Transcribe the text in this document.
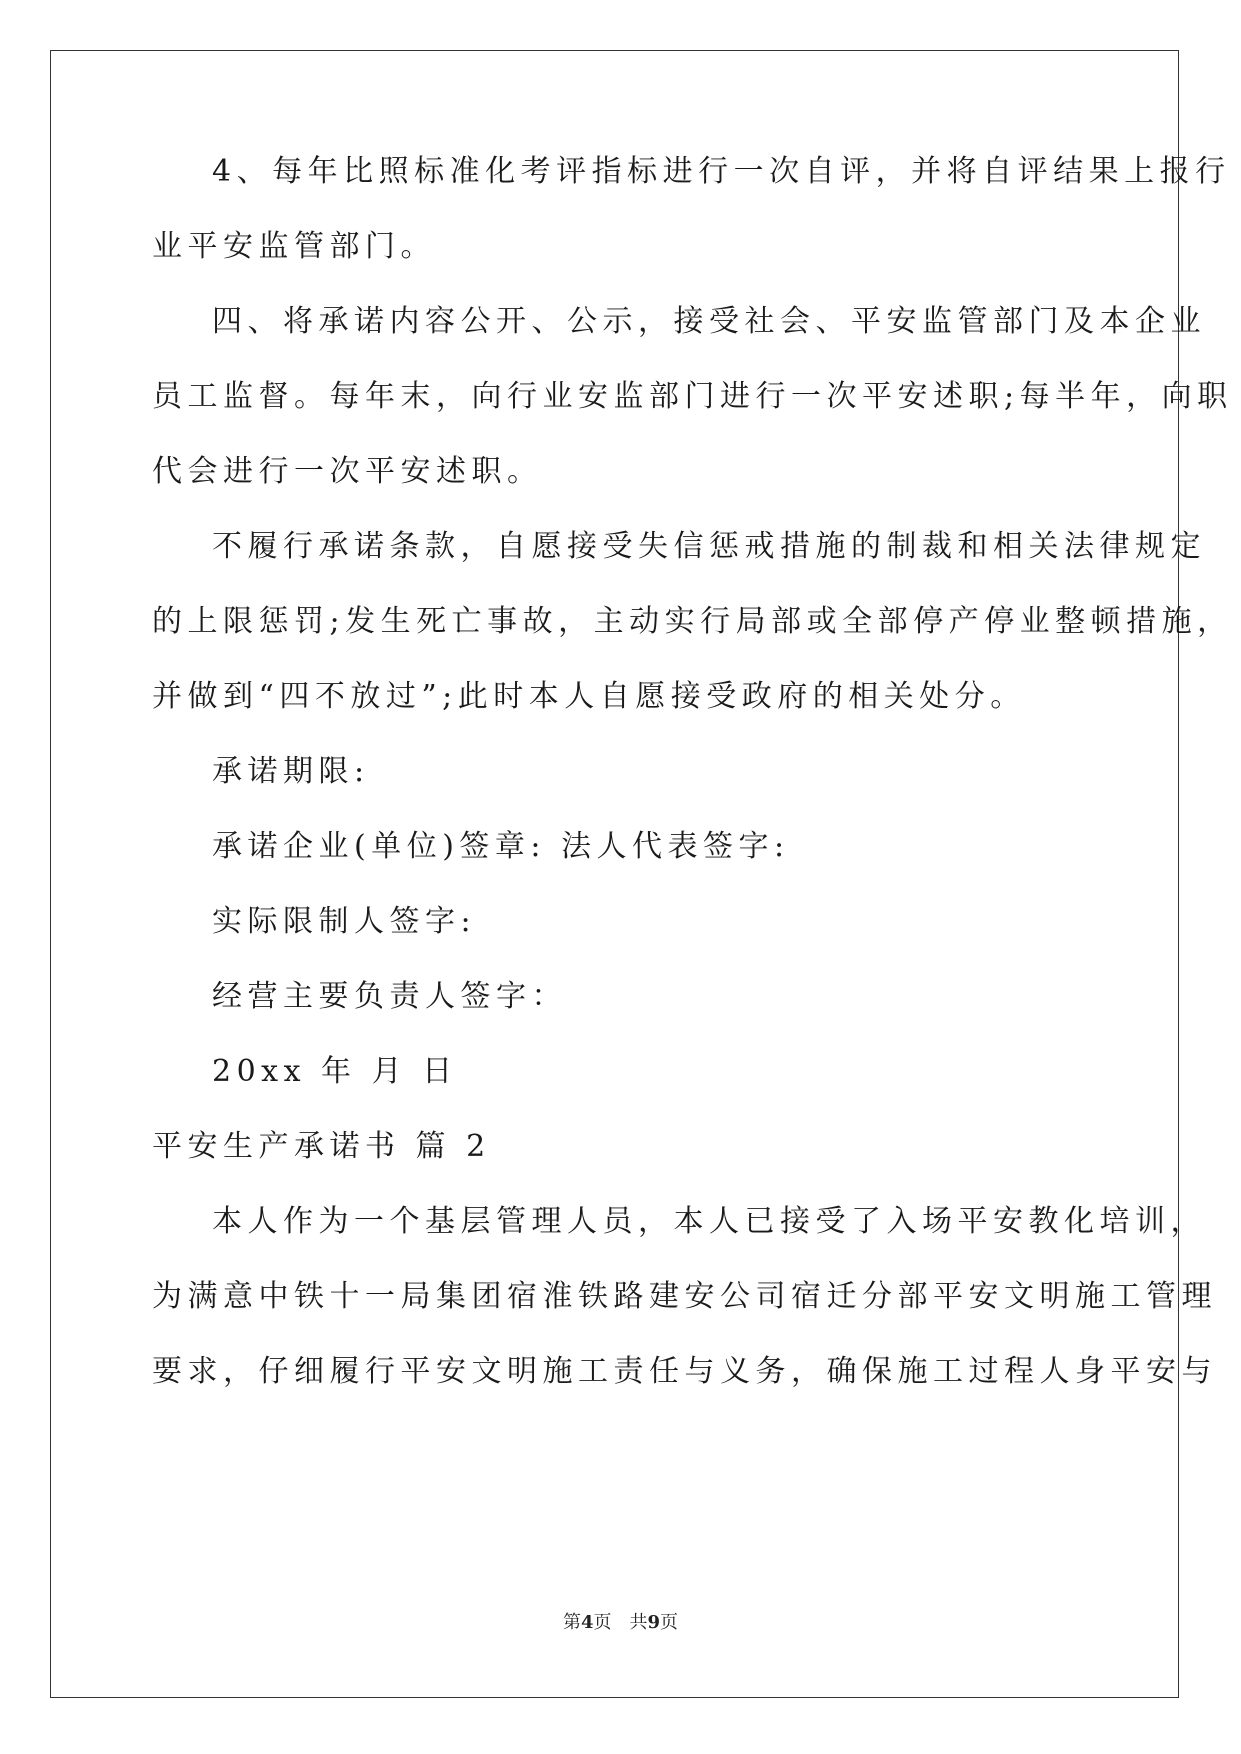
4、每年比照标准化考评指标进行一次自评，并将自评结果上报行
业平安监管部门。
四、将承诺内容公开、公示，接受社会、平安监管部门及本企业
员工监督。每年末，向行业安监部门进行一次平安述职;每半年，向职
代会进行一次平安述职。
不履行承诺条款，自愿接受失信惩戒措施的制裁和相关法律规定
的上限惩罚;发生死亡事故，主动实行局部或全部停产停业整顿措施，
并做到“四不放过”;此时本人自愿接受政府的相关处分。
承诺期限:
承诺企业(单位)签章: 法人代表签字:
实际限制人签字:
经营主要负责人签字：
20xx 年 月 日
平安生产承诺书 篇 2
本人作为一个基层管理人员，本人已接受了入场平安教化培训，
为满意中铁十一局集团宿淮铁路建安公司宿迁分部平安文明施工管理
要求，仔细履行平安文明施工责任与义务，确保施工过程人身平安与
第4页　共9页
